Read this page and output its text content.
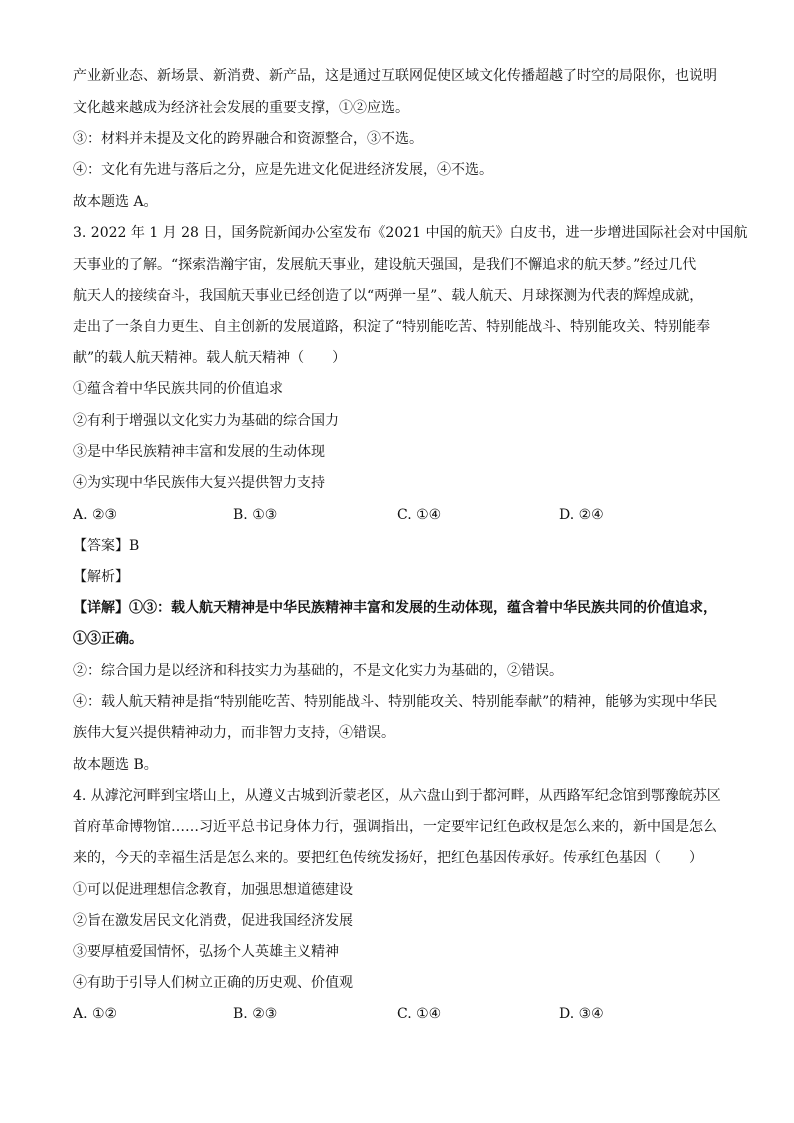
产业新业态、新场景、新消费、新产品，这是通过互联网促使区域文化传播超越了时空的局限你，也说明
文化越来越成为经济社会发展的重要支撑，①②应选。
③：材料并未提及文化的跨界融合和资源整合，③不选。
④：文化有先进与落后之分，应是先进文化促进经济发展，④不选。
故本题选 A。
3. 2022 年 1 月 28 日，国务院新闻办公室发布《2021 中国的航天》白皮书，进一步增进国际社会对中国航
天事业的了解。“探索浩瀚宇宙，发展航天事业，建设航天强国，是我们不懈追求的航天梦。”经过几代
航天人的接续奋斗，我国航天事业已经创造了以“两弹一星”、载人航天、月球探测为代表的辉煌成就，
走出了一条自力更生、自主创新的发展道路，积淀了“特别能吃苦、特别能战斗、特别能攻关、特别能奉
献”的载人航天精神。载人航天精神（　　）
①蕴含着中华民族共同的价值追求
②有利于增强以文化实力为基础的综合国力
③是中华民族精神丰富和发展的生动体现
④为实现中华民族伟大复兴提供智力支持
A. ②③	B. ①③	C. ①④	D. ②④
【答案】B
【解析】
【详解】①③：载人航天精神是中华民族精神丰富和发展的生动体现，蕴含着中华民族共同的价值追求，
①③正确。
②：综合国力是以经济和科技实力为基础的，不是文化实力为基础的，②错误。
④：载人航天精神是指“特别能吃苦、特别能战斗、特别能攻关、特别能奉献”的精神，能够为实现中华民
族伟大复兴提供精神动力，而非智力支持，④错误。
故本题选 B。
4. 从滹沱河畔到宝塔山上，从遵义古城到沂蒙老区，从六盘山到于都河畔，从西路军纪念馆到鄂豫皖苏区
首府革命博物馆……习近平总书记身体力行，强调指出，一定要牢记红色政权是怎么来的，新中国是怎么
来的，今天的幸福生活是怎么来的。要把红色传统发扬好，把红色基因传承好。传承红色基因（　　）
①可以促进理想信念教育，加强思想道德建设
②旨在激发居民文化消费，促进我国经济发展
③要厚植爱国情怀，弘扬个人英雄主义精神
④有助于引导人们树立正确的历史观、价值观
A. ①②	B. ②③	C. ①④	D. ③④
